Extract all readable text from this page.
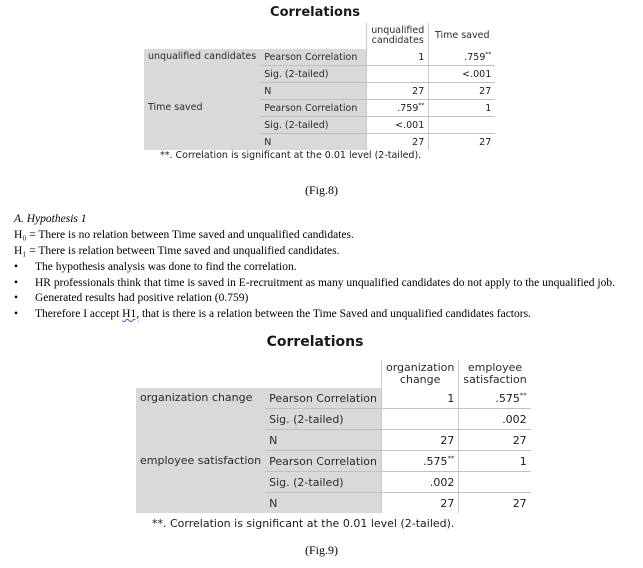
Correlations
		unqualified
candidates	Time saved
unqualified candidates	Pearson Correlation	1	.759**
	Sig. (2-tailed)		<.001
	N	27	27
Time saved	Pearson Correlation	.759**	1
	Sig. (2-tailed)	<.001	
	N	27	27
**. Correlation is significant at the 0.01 level (2-tailed).
(Fig.8)
A. Hypothesis 1
H₀ = There is no relation between Time saved and unqualified candidates.
H₁ = There is relation between Time saved and unqualified candidates.
• The hypothesis analysis was done to find the correlation.
• HR professionals think that time is saved in E-recruitment as many unqualified candidates do not apply to the unqualified job.
• Generated results had positive relation (0.759)
• Therefore I accept H1, that is there is a relation between the Time Saved and unqualified candidates factors.
Correlations
		organization
change	employee
satisfaction
organization change	Pearson Correlation	1	.575**
	Sig. (2-tailed)		.002
	N	27	27
employee satisfaction	Pearson Correlation	.575**	1
	Sig. (2-tailed)	.002	
	N	27	27
**. Correlation is significant at the 0.01 level (2-tailed).
(Fig.9)
